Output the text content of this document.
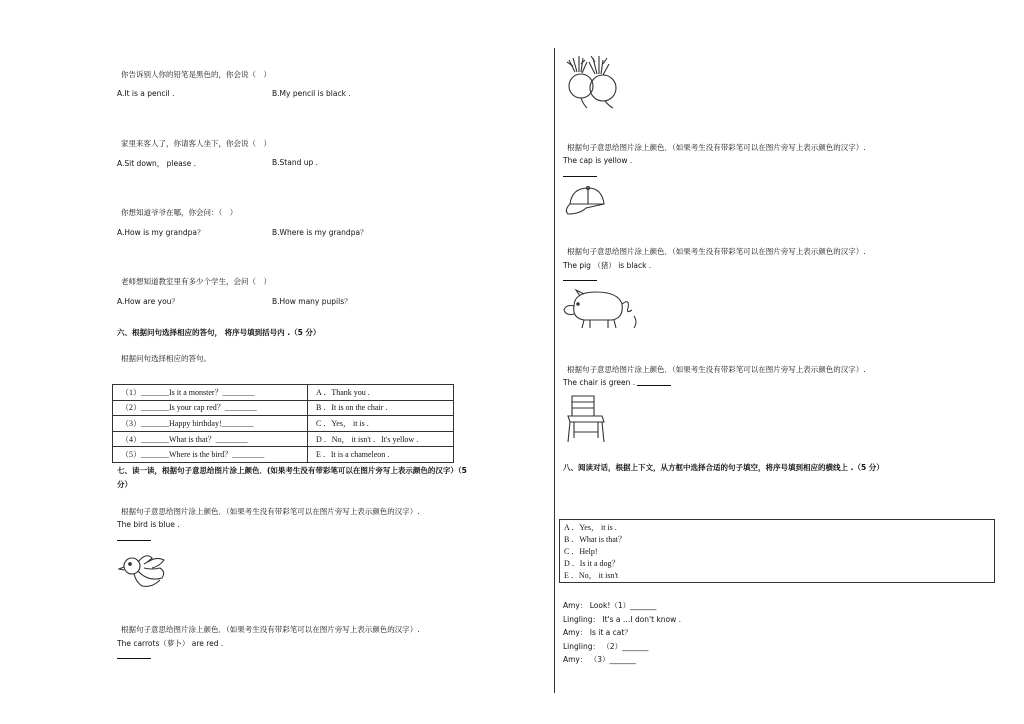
你告诉别人你的铅笔是黑色的，你会说（　）
A.It is a pencil .	B.My pencil is black .
家里来客人了，你请客人坐下，你会说（　）
A.Sit down， please .	B.Stand up .
你想知道爷爷在哪，你会问：（　）
A.How is my grandpa？	B.Where is my grandpa？
老师想知道教室里有多少个学生，会问（　）
A.How are you？	B.How many pupils？
六、根据问句选择相应的答句， 将序号填到括号内 .（5 分）
根据问句选择相应的答句。
（1）_______Is it a monster？________	A ．Thank you .
（2）_______Is your cap red？________	B ．It is on the chair .
（3）_______Happy birthday!________	C ．Yes， it is .
（4）_______What is that？________	D ．No， it isn't ．It's yellow .
（5）_______Where is the bird？________	E ．It is a chameleon .
七、读一读，根据句子意思给图片涂上颜色．(如果考生没有带彩笔可以在图片旁写上表示颜色的汉字）（5
分）
根据句子意思给图片涂上颜色．（如果考生没有带彩笔可以在图片旁写上表示颜色的汉字）.
The bird is blue .
根据句子意思给图片涂上颜色．（如果考生没有带彩笔可以在图片旁写上表示颜色的汉字）.
The carrots（萝卜） are red .
根据句子意思给图片涂上颜色．（如果考生没有带彩笔可以在图片旁写上表示颜色的汉字）.
The cap is yellow .
根据句子意思给图片涂上颜色．（如果考生没有带彩笔可以在图片旁写上表示颜色的汉字）.
The pig （猪） is black .
根据句子意思给图片涂上颜色．（如果考生没有带彩笔可以在图片旁写上表示颜色的汉字）.
The chair is green .
八、阅读对话，根据上下文，从方框中选择合适的句子填空，将序号填到相应的横线上 .（5 分）
A ．Yes， it is .
B ．What is that？
C ．Help!
D ．Is it a dog？
E ．No， it isn't
Amy： Look!（1）_______
Lingling： It's a …I don't know .
Amy： Is it a cat？
Lingling： （2）_______
Amy： （3）_______
